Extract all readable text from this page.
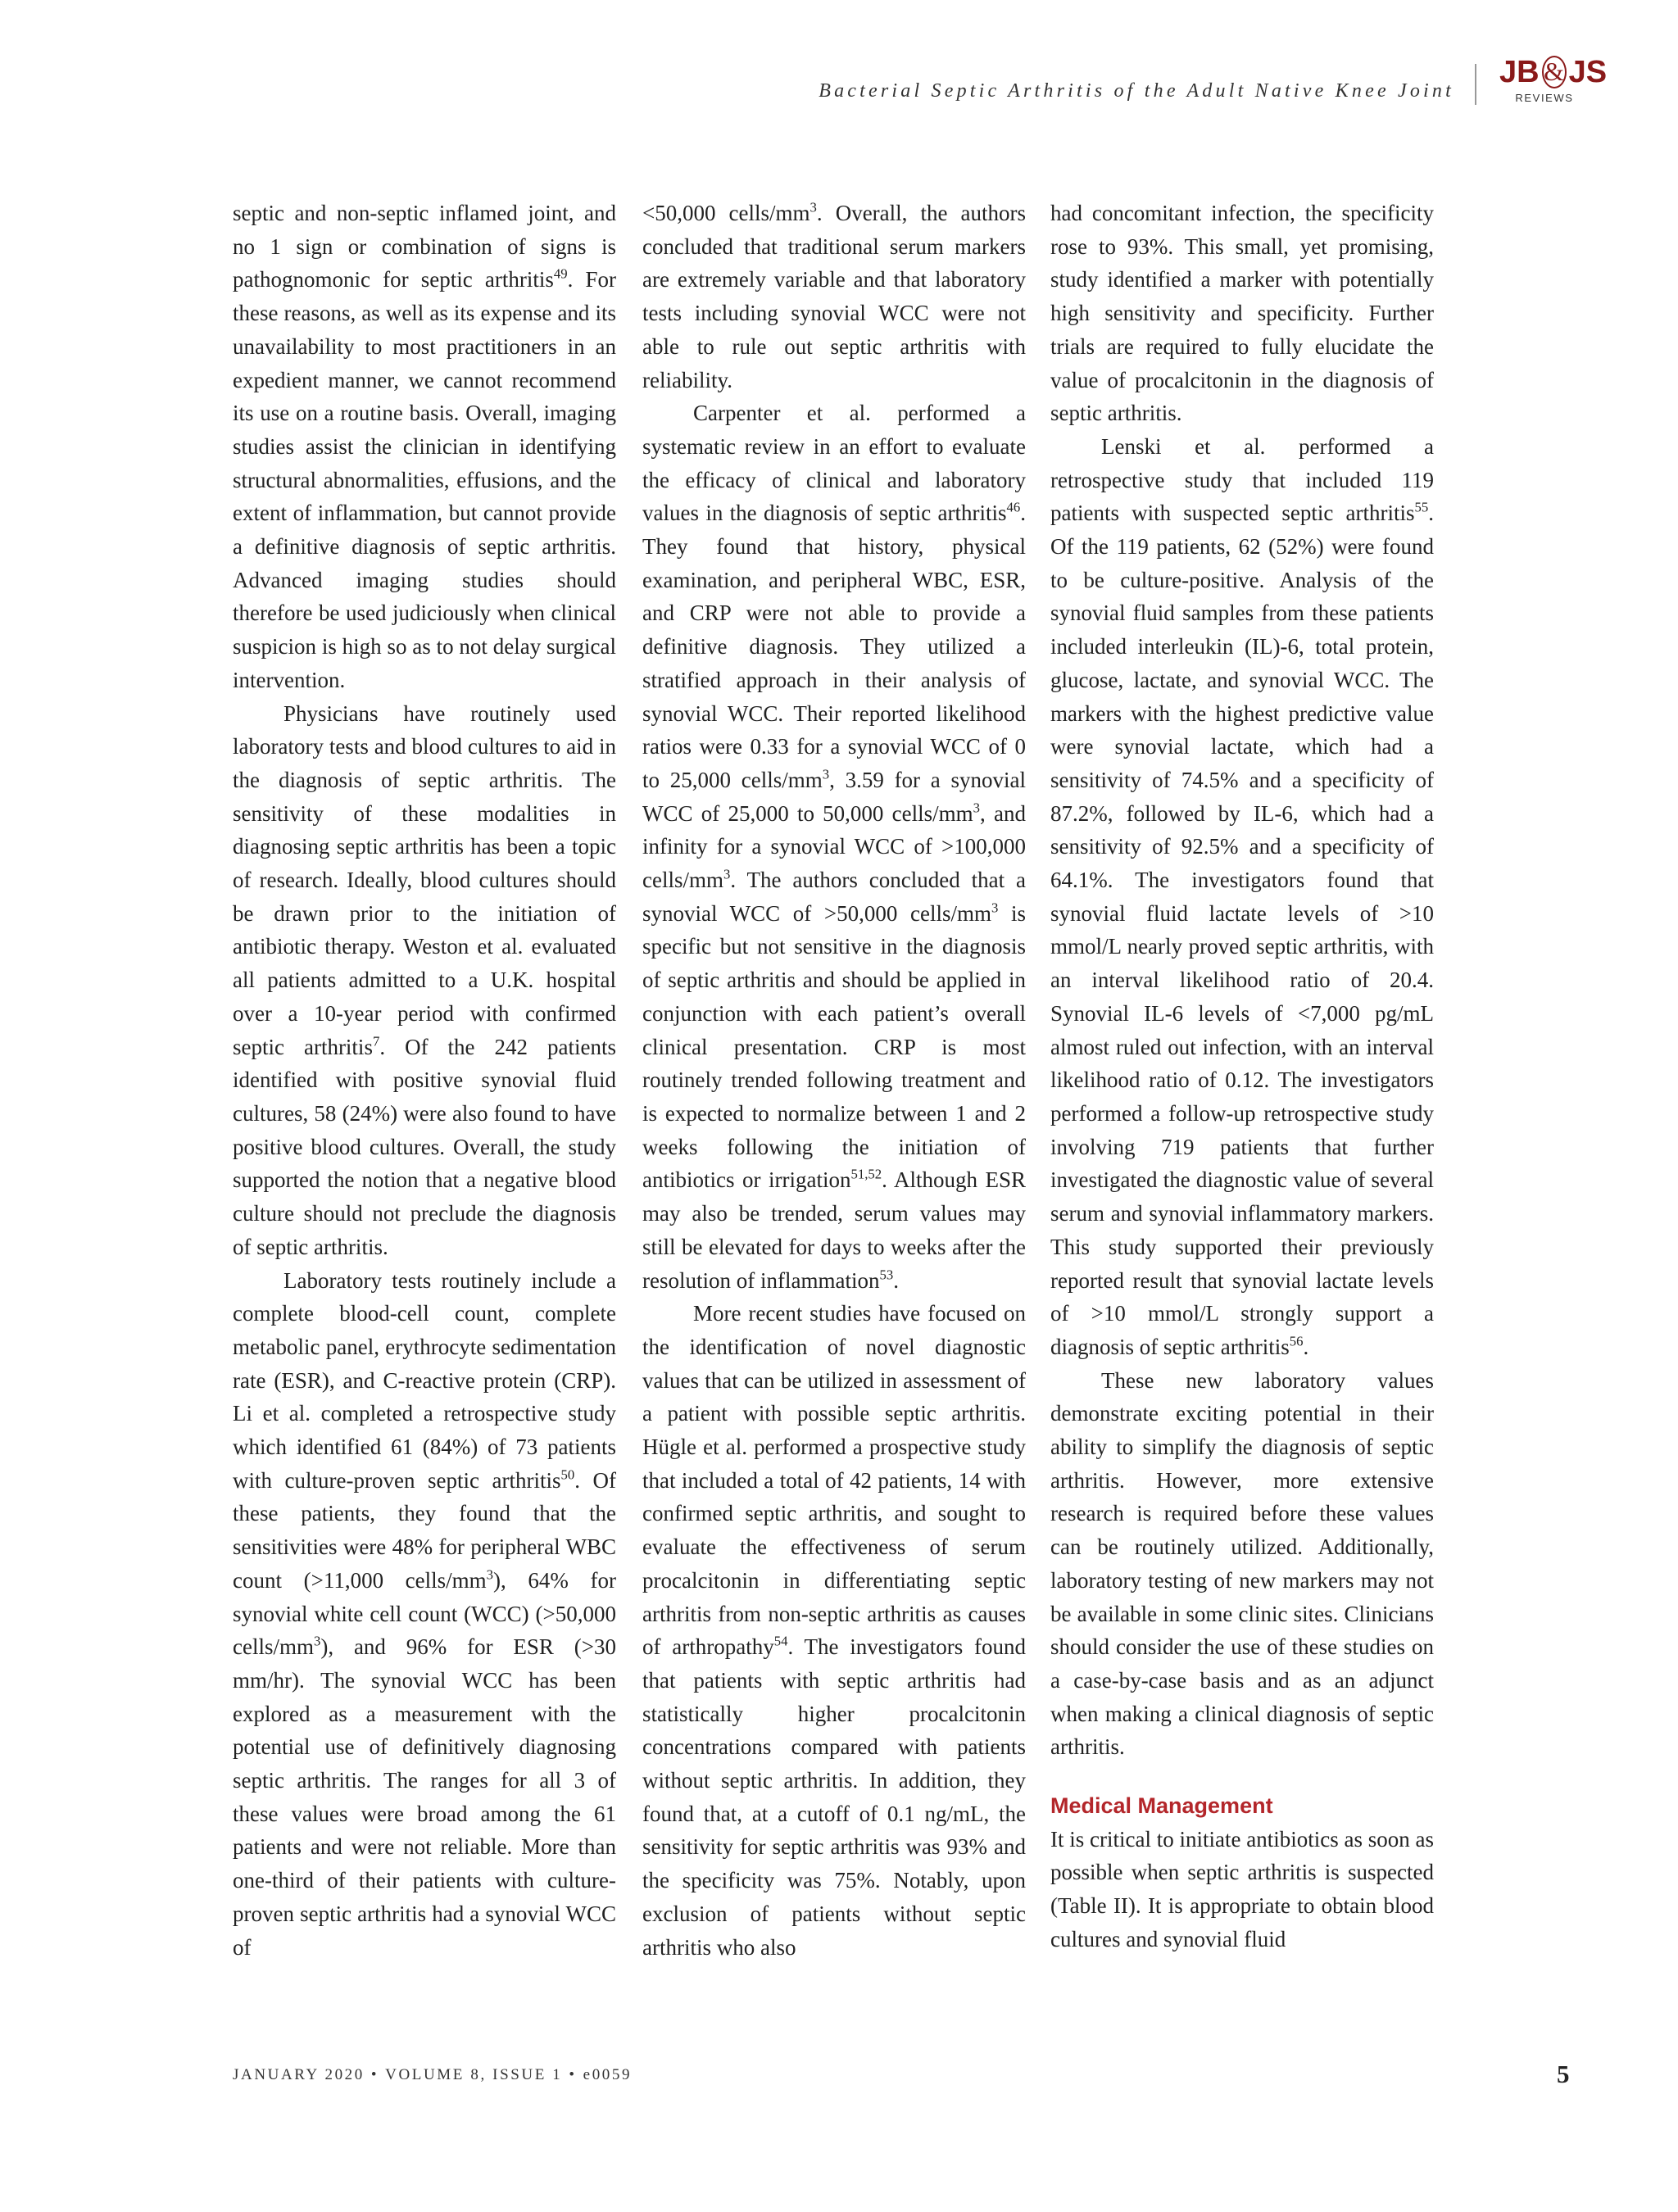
Bacterial Septic Arthritis of the Adult Native Knee Joint
JB & JS
REVIEWS

septic and non-septic inflamed joint, and no 1 sign or combination of signs is pathognomonic for septic arthritis$^{49}$. For these reasons, as well as its expense and its unavailability to most practitioners in an expedient manner, we cannot recommend its use on a routine basis. Overall, imaging studies assist the clinician in identifying structural abnormalities, effusions, and the extent of inflammation, but cannot provide a definitive diagnosis of septic arthritis. Advanced imaging studies should therefore be used judiciously when clinical suspicion is high so as to not delay surgical intervention.

Physicians have routinely used laboratory tests and blood cultures to aid in the diagnosis of septic arthritis. The sensitivity of these modalities in diagnosing septic arthritis has been a topic of research. Ideally, blood cultures should be drawn prior to the initiation of antibiotic therapy. Weston et al. evaluated all patients admitted to a U.K. hospital over a 10-year period with confirmed septic arthritis$^7$. Of the 242 patients identified with positive synovial fluid cultures, 58 (24%) were also found to have positive blood cultures. Overall, the study supported the notion that a negative blood culture should not preclude the diagnosis of septic arthritis.

Laboratory tests routinely include a complete blood-cell count, complete metabolic panel, erythrocyte sedimentation rate (ESR), and C-reactive protein (CRP). Li et al. completed a retrospective study which identified 61 (84%) of 73 patients with culture-proven septic arthritis$^{50}$. Of these patients, they found that the sensitivities were 48% for peripheral WBC count (>11,000 cells/$mm^3$), 64% for synovial white cell count (WCC) (>50,000 cells/$mm^3$), and 96% for ESR (>30 mm/hr). The synovial WCC has been explored as a measurement with the potential use of definitively diagnosing septic arthritis. The ranges for all 3 of these values were broad among the 61 patients and were not reliable. More than one-third of their patients with culture-proven septic arthritis had a synovial WCC of

<50,000 cells/$mm^3$. Overall, the authors concluded that traditional serum markers are extremely variable and that laboratory tests including synovial WCC were not able to rule out septic arthritis with reliability.

Carpenter et al. performed a systematic review in an effort to evaluate the efficacy of clinical and laboratory values in the diagnosis of septic arthritis$^{46}$. They found that history, physical examination, and peripheral WBC, ESR, and CRP were not able to provide a definitive diagnosis. They utilized a stratified approach in their analysis of synovial WCC. Their reported likelihood ratios were 0.33 for a synovial WCC of 0 to 25,000 cells/$mm^3$, 3.59 for a synovial WCC of 25,000 to 50,000 cells/$mm^3$, and infinity for a synovial WCC of >100,000 cells/$mm^3$. The authors concluded that a synovial WCC of >50,000 cells/$mm^3$ is specific but not sensitive in the diagnosis of septic arthritis and should be applied in conjunction with each patient’s overall clinical presentation. CRP is most routinely trended following treatment and is expected to normalize between 1 and 2 weeks following the initiation of antibiotics or irrigation$^{51,52}$. Although ESR may also be trended, serum values may still be elevated for days to weeks after the resolution of inflammation$^{53}$.

More recent studies have focused on the identification of novel diagnostic values that can be utilized in assessment of a patient with possible septic arthritis. Hügle et al. performed a prospective study that included a total of 42 patients, 14 with confirmed septic arthritis, and sought to evaluate the effectiveness of serum procalcitonin in differentiating septic arthritis from non-septic arthritis as causes of arthropathy$^{54}$. The investigators found that patients with septic arthritis had statistically higher procalcitonin concentrations compared with patients without septic arthritis. In addition, they found that, at a cutoff of 0.1 ng/mL, the sensitivity for septic arthritis was 93% and the specificity was 75%. Notably, upon exclusion of patients without septic arthritis who also

had concomitant infection, the specificity rose to 93%. This small, yet promising, study identified a marker with potentially high sensitivity and specificity. Further trials are required to fully elucidate the value of procalcitonin in the diagnosis of septic arthritis.

Lenski et al. performed a retrospective study that included 119 patients with suspected septic arthritis$^{55}$. Of the 119 patients, 62 (52%) were found to be culture-positive. Analysis of the synovial fluid samples from these patients included interleukin (IL)-6, total protein, glucose, lactate, and synovial WCC. The markers with the highest predictive value were synovial lactate, which had a sensitivity of 74.5% and a specificity of 87.2%, followed by IL-6, which had a sensitivity of 92.5% and a specificity of 64.1%. The investigators found that synovial fluid lactate levels of >10 mmol/L nearly proved septic arthritis, with an interval likelihood ratio of 20.4. Synovial IL-6 levels of <7,000 pg/mL almost ruled out infection, with an interval likelihood ratio of 0.12. The investigators performed a follow-up retrospective study involving 719 patients that further investigated the diagnostic value of several serum and synovial inflammatory markers. This study supported their previously reported result that synovial lactate levels of >10 mmol/L strongly support a diagnosis of septic arthritis$^{56}$.

These new laboratory values demonstrate exciting potential in their ability to simplify the diagnosis of septic arthritis. However, more extensive research is required before these values can be routinely utilized. Additionally, laboratory testing of new markers may not be available in some clinic sites. Clinicians should consider the use of these studies on a case-by-case basis and as an adjunct when making a clinical diagnosis of septic arthritis.

Medical Management

It is critical to initiate antibiotics as soon as possible when septic arthritis is suspected (Table II). It is appropriate to obtain blood cultures and synovial fluid

JANUARY 2020 • VOLUME 8, ISSUE 1 • e0059	5
